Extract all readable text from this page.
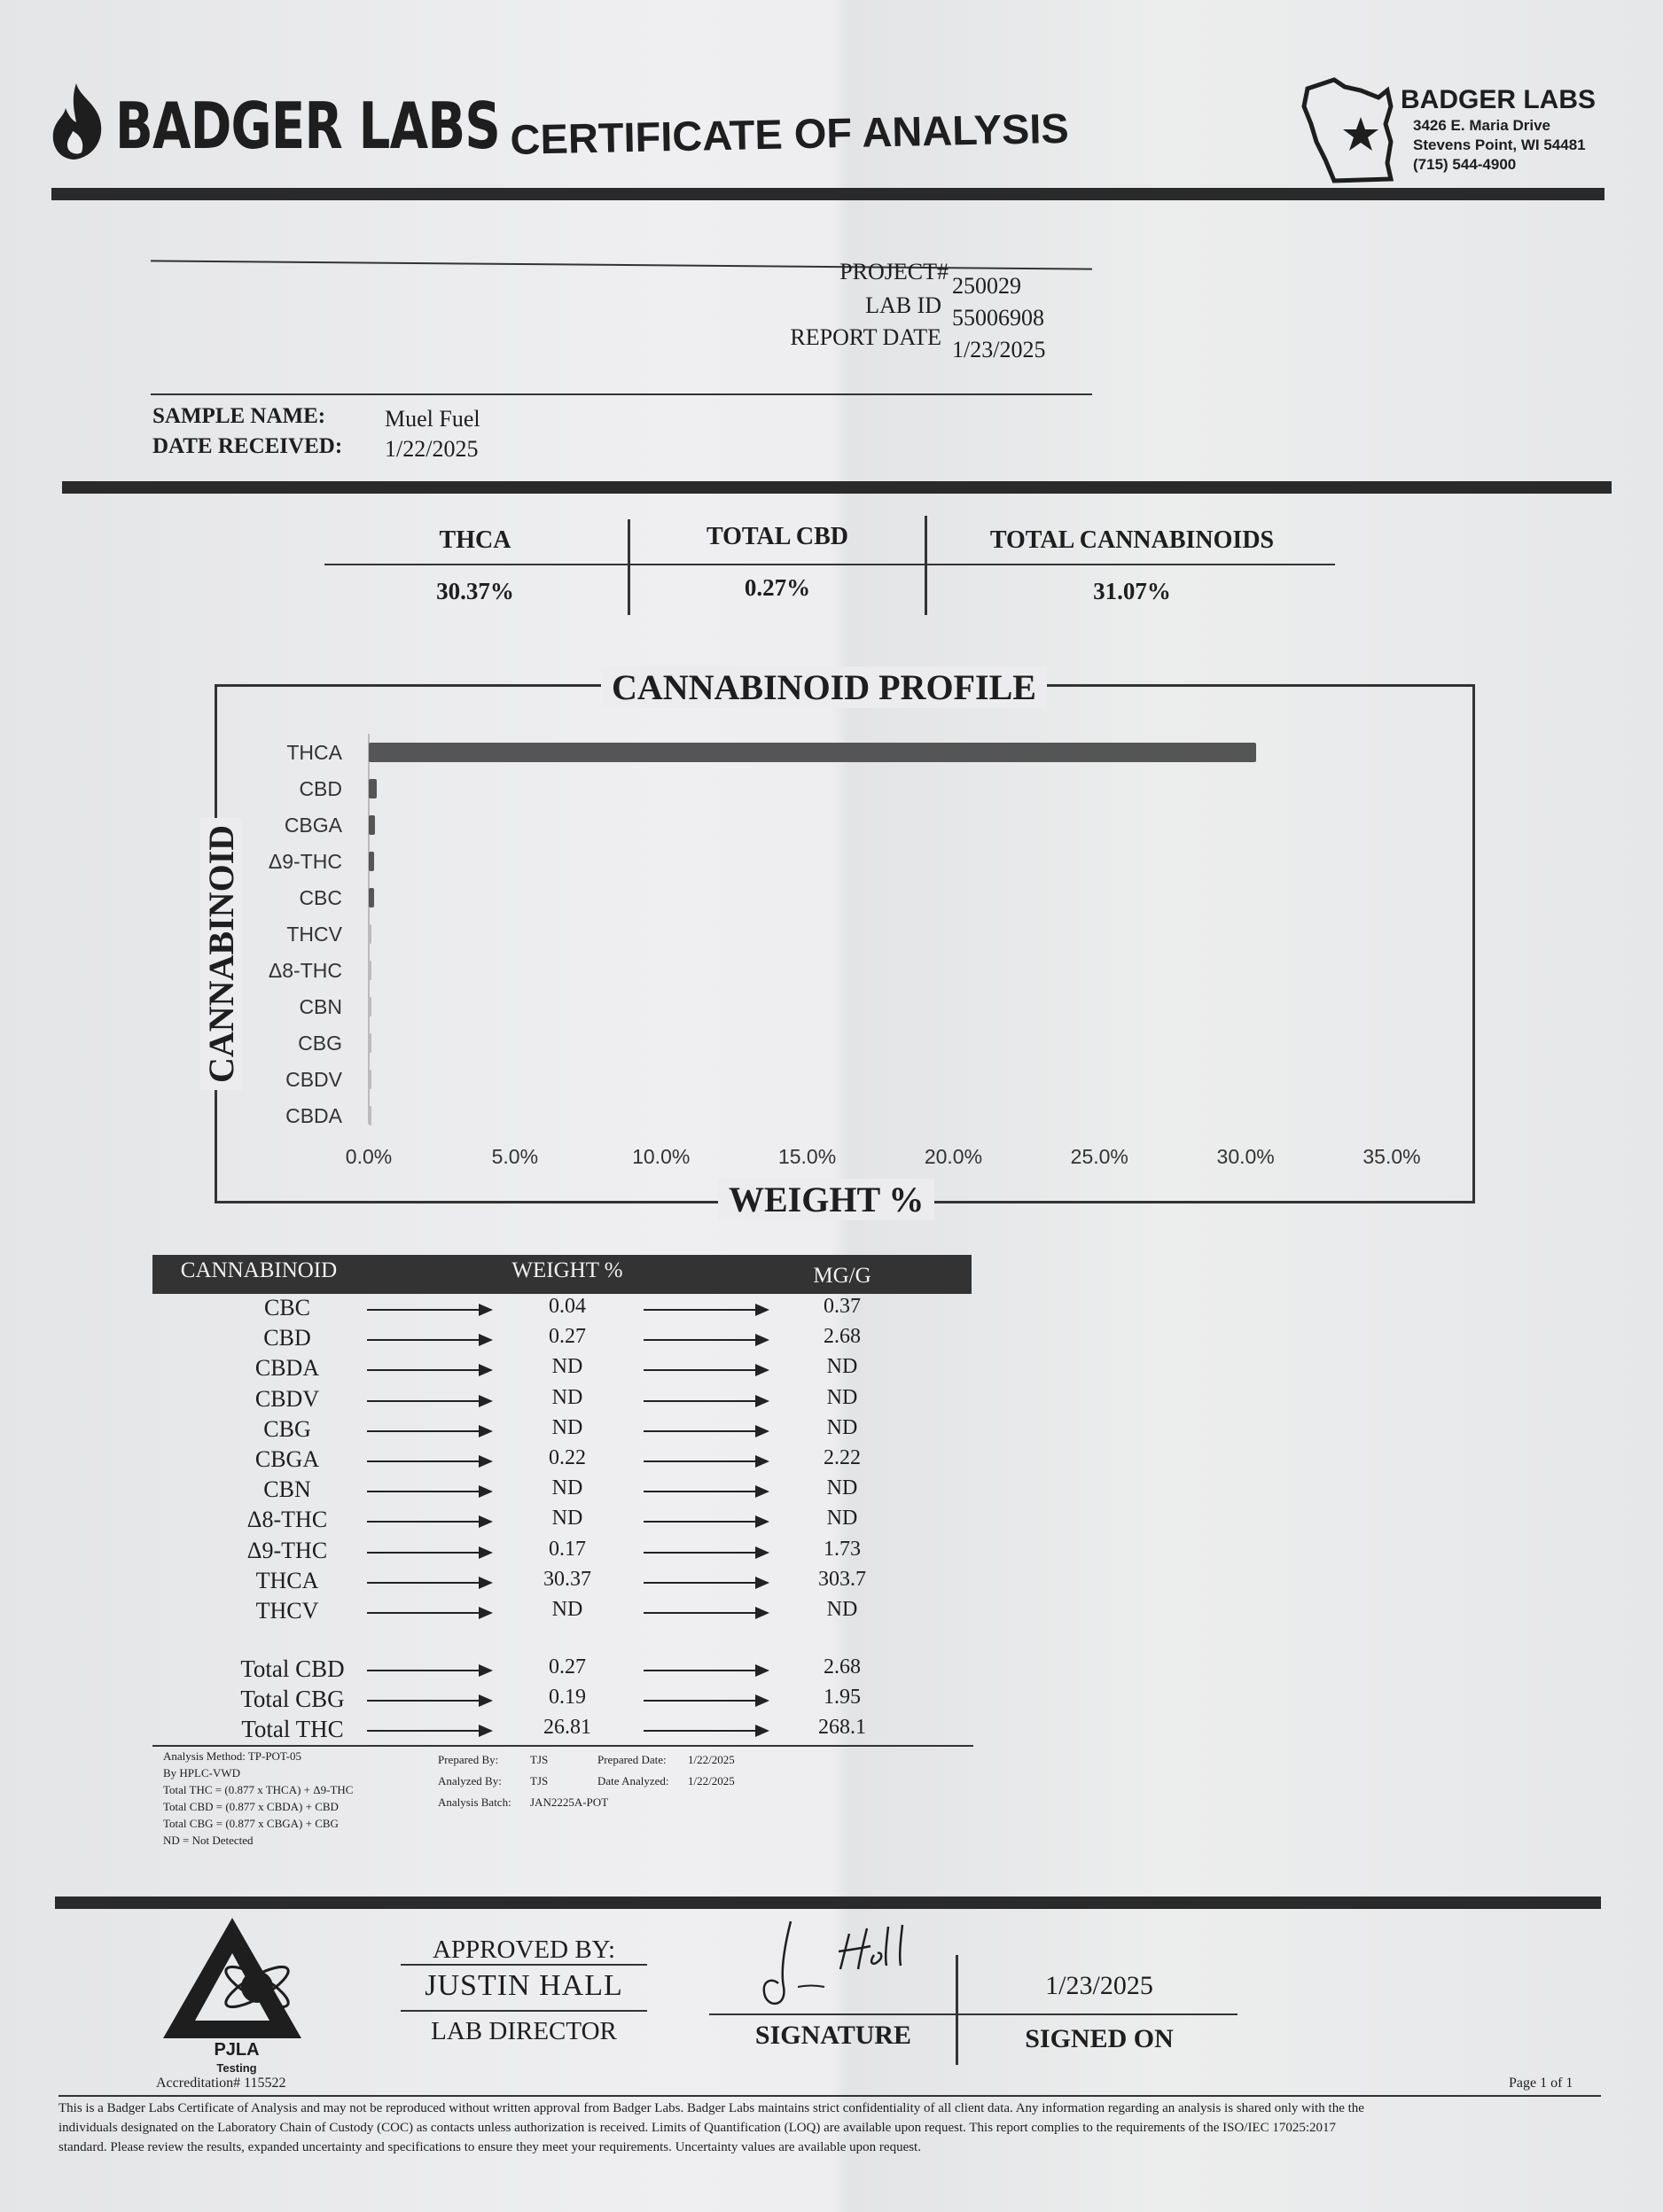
BADGER LABS CERTIFICATE OF ANALYSIS
BADGER LABS
3426 E. Maria Drive
Stevens Point, WI 54481
(715) 544-4900
PROJECT#
250029
LAB ID 55006908
REPORT DATE 1/23/2025
SAMPLE NAME:	Muel Fuel
DATE RECEIVED: 1/22/2025
THCA
30.37%
TOTAL CBD
0.27%
TOTAL CANNABINOIDS
31.07%
CANNABINOID PROFILE
WEIGHT %
CANNABINOID
THCA
CBD
CBGA
Δ9-THC
CBC
THCV
Δ8-THC
CBN
CBG
CBDV
CBDA
0.0%	5.0%	10.0%	15.0%	20.0%	25.0%	30.0%	35.0%
CANNABINOID	WEIGHT %	MG/G
CBC	0.04	0.37
CBD	0.27	2.68
CBDA	ND	ND
CBDV	ND	ND
CBG	ND	ND
CBGA	0.22	2.22
CBN	ND	ND
Δ8-THC	ND	ND
Δ9-THC	0.17	1.73
THCA	30.37	303.7
THCV	ND	ND
Total CBD	0.27	2.68
Total CBG	0.19	1.95
Total THC	26.81	268.1
Analysis Method: TP-POT-05
By HPLC-VWD
Total THC = (0.877 x THCA) + Δ9-THC
Total CBD = (0.877 x CBDA) + CBD
Total CBG = (0.877 x CBGA) + CBG
ND = Not Detected
Prepared By:	TJS
Analyzed By: TJS
Analysis Batch: JAN2225A-POT
Prepared Date: 1/22/2025
Date Analyzed: 1/22/2025
PJLA
Testing
Accreditation# 115522
APPROVED BY:
JUSTIN HALL
LAB DIRECTOR	SIGNATURE
1/23/2025
SIGNED ON
Page 1 of 1
This is a Badger Labs Certificate of Analysis and may not be reproduced without written approval from Badger Labs. Badger Labs maintains strict confidentiality of all client data. Any information regarding an analysis is shared only with the the
individuals designated on the Laboratory Chain of Custody (COC) as contacts unless authorization is received. Limits of Quantification (LOQ) are available upon request. This report complies to the requirements of the ISO/IEC 17025:2017
standard. Please review the results, expanded uncertainty and specifications to ensure they meet your requirements. Uncertainty values are available upon request.
